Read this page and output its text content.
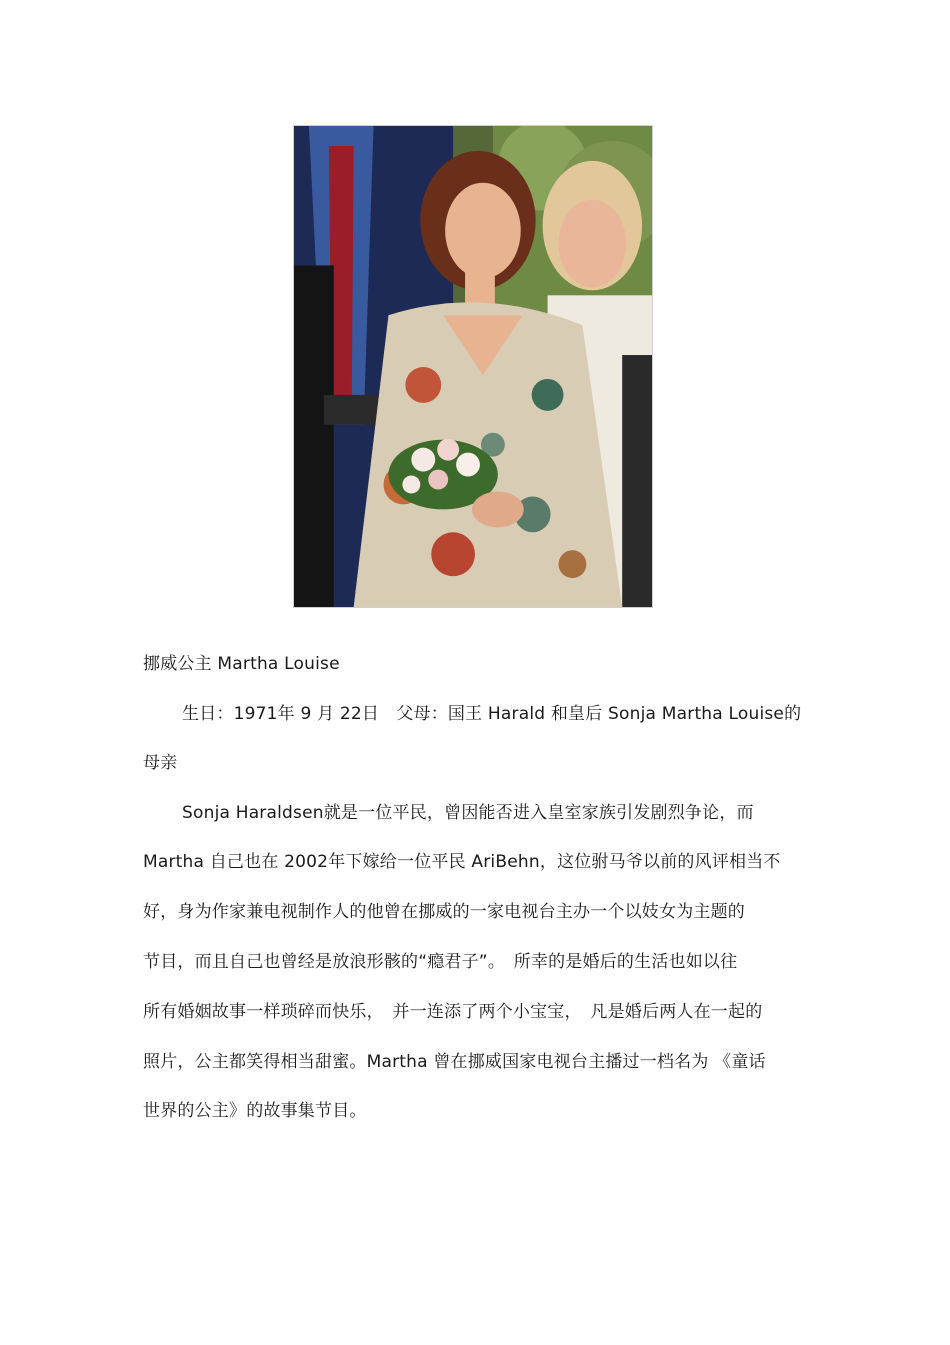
挪威公主 Martha Louise
生日：1971年 9 月 22日　父母：国王 Harald 和皇后 Sonja Martha Louise的
母亲
Sonja Haraldsen就是一位平民，曾因能否进入皇室家族引发剧烈争论，而
Martha 自己也在 2002年下嫁给一位平民 AriBehn，这位驸马爷以前的风评相当不
好，身为作家兼电视制作人的他曾在挪威的一家电视台主办一个以妓女为主题的
节目，而且自己也曾经是放浪形骸的“瘾君子”。　所幸的是婚后的生活也如以往
所有婚姻故事一样琐碎而快乐，　并一连添了两个小宝宝，　凡是婚后两人在一起的
照片，公主都笑得相当甜蜜。Martha 曾在挪威国家电视台主播过一档名为 《童话
世界的公主》的故事集节目。
